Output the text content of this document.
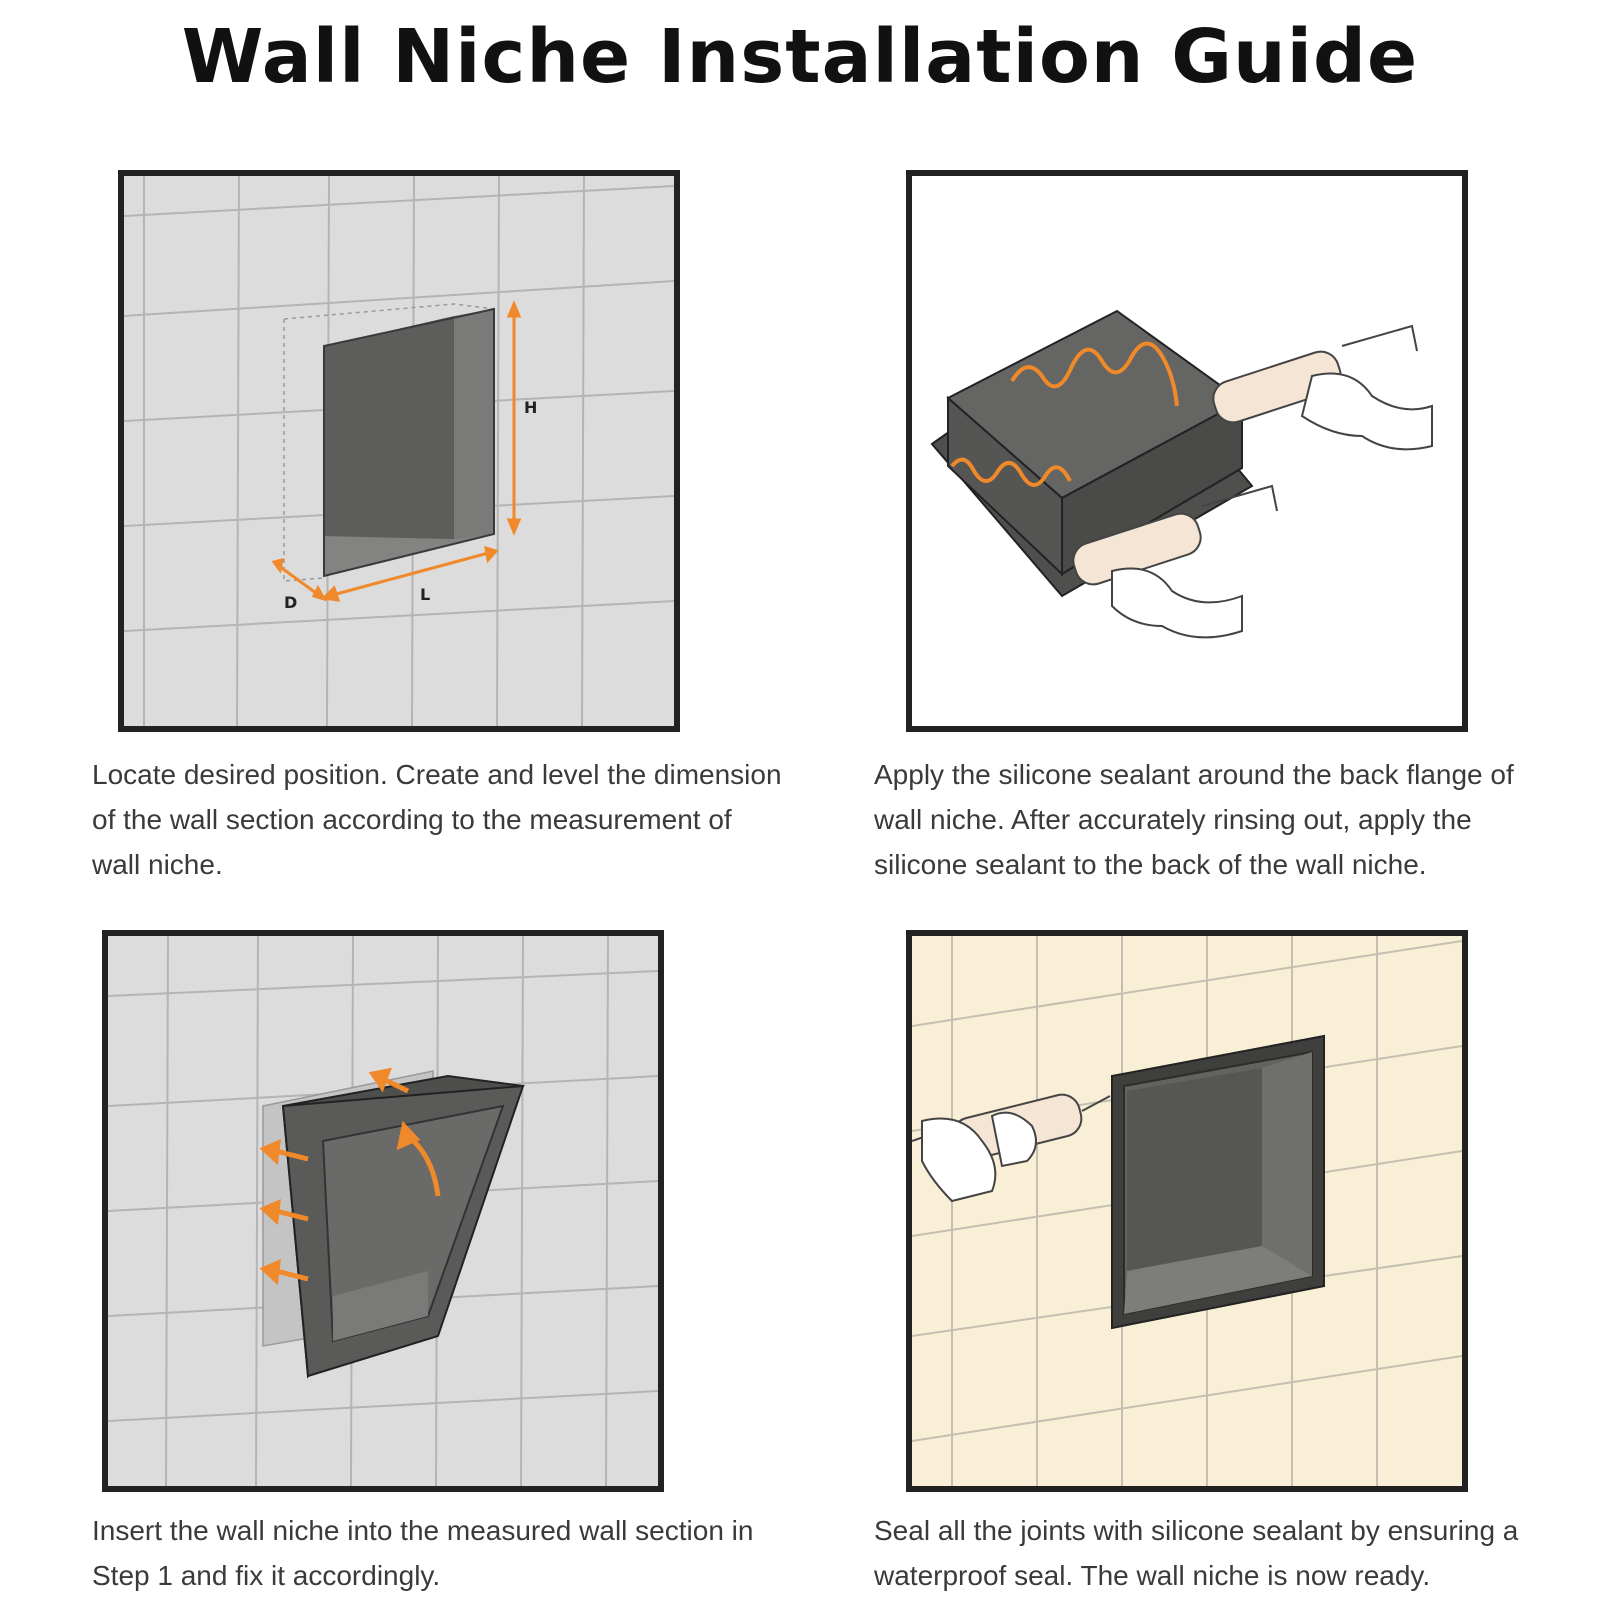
Wall Niche Installation Guide
H
D	L
Locate desired position. Create and level the dimension of the wall section according to the measurement of wall niche.
Apply the silicone sealant around the back flange of wall niche. After accurately rinsing out, apply the silicone sealant to the back of the wall niche.
Insert the wall niche into the measured wall section in Step 1 and fix it accordingly.
Seal all the joints with silicone sealant by ensuring a waterproof seal. The wall niche is now ready.
